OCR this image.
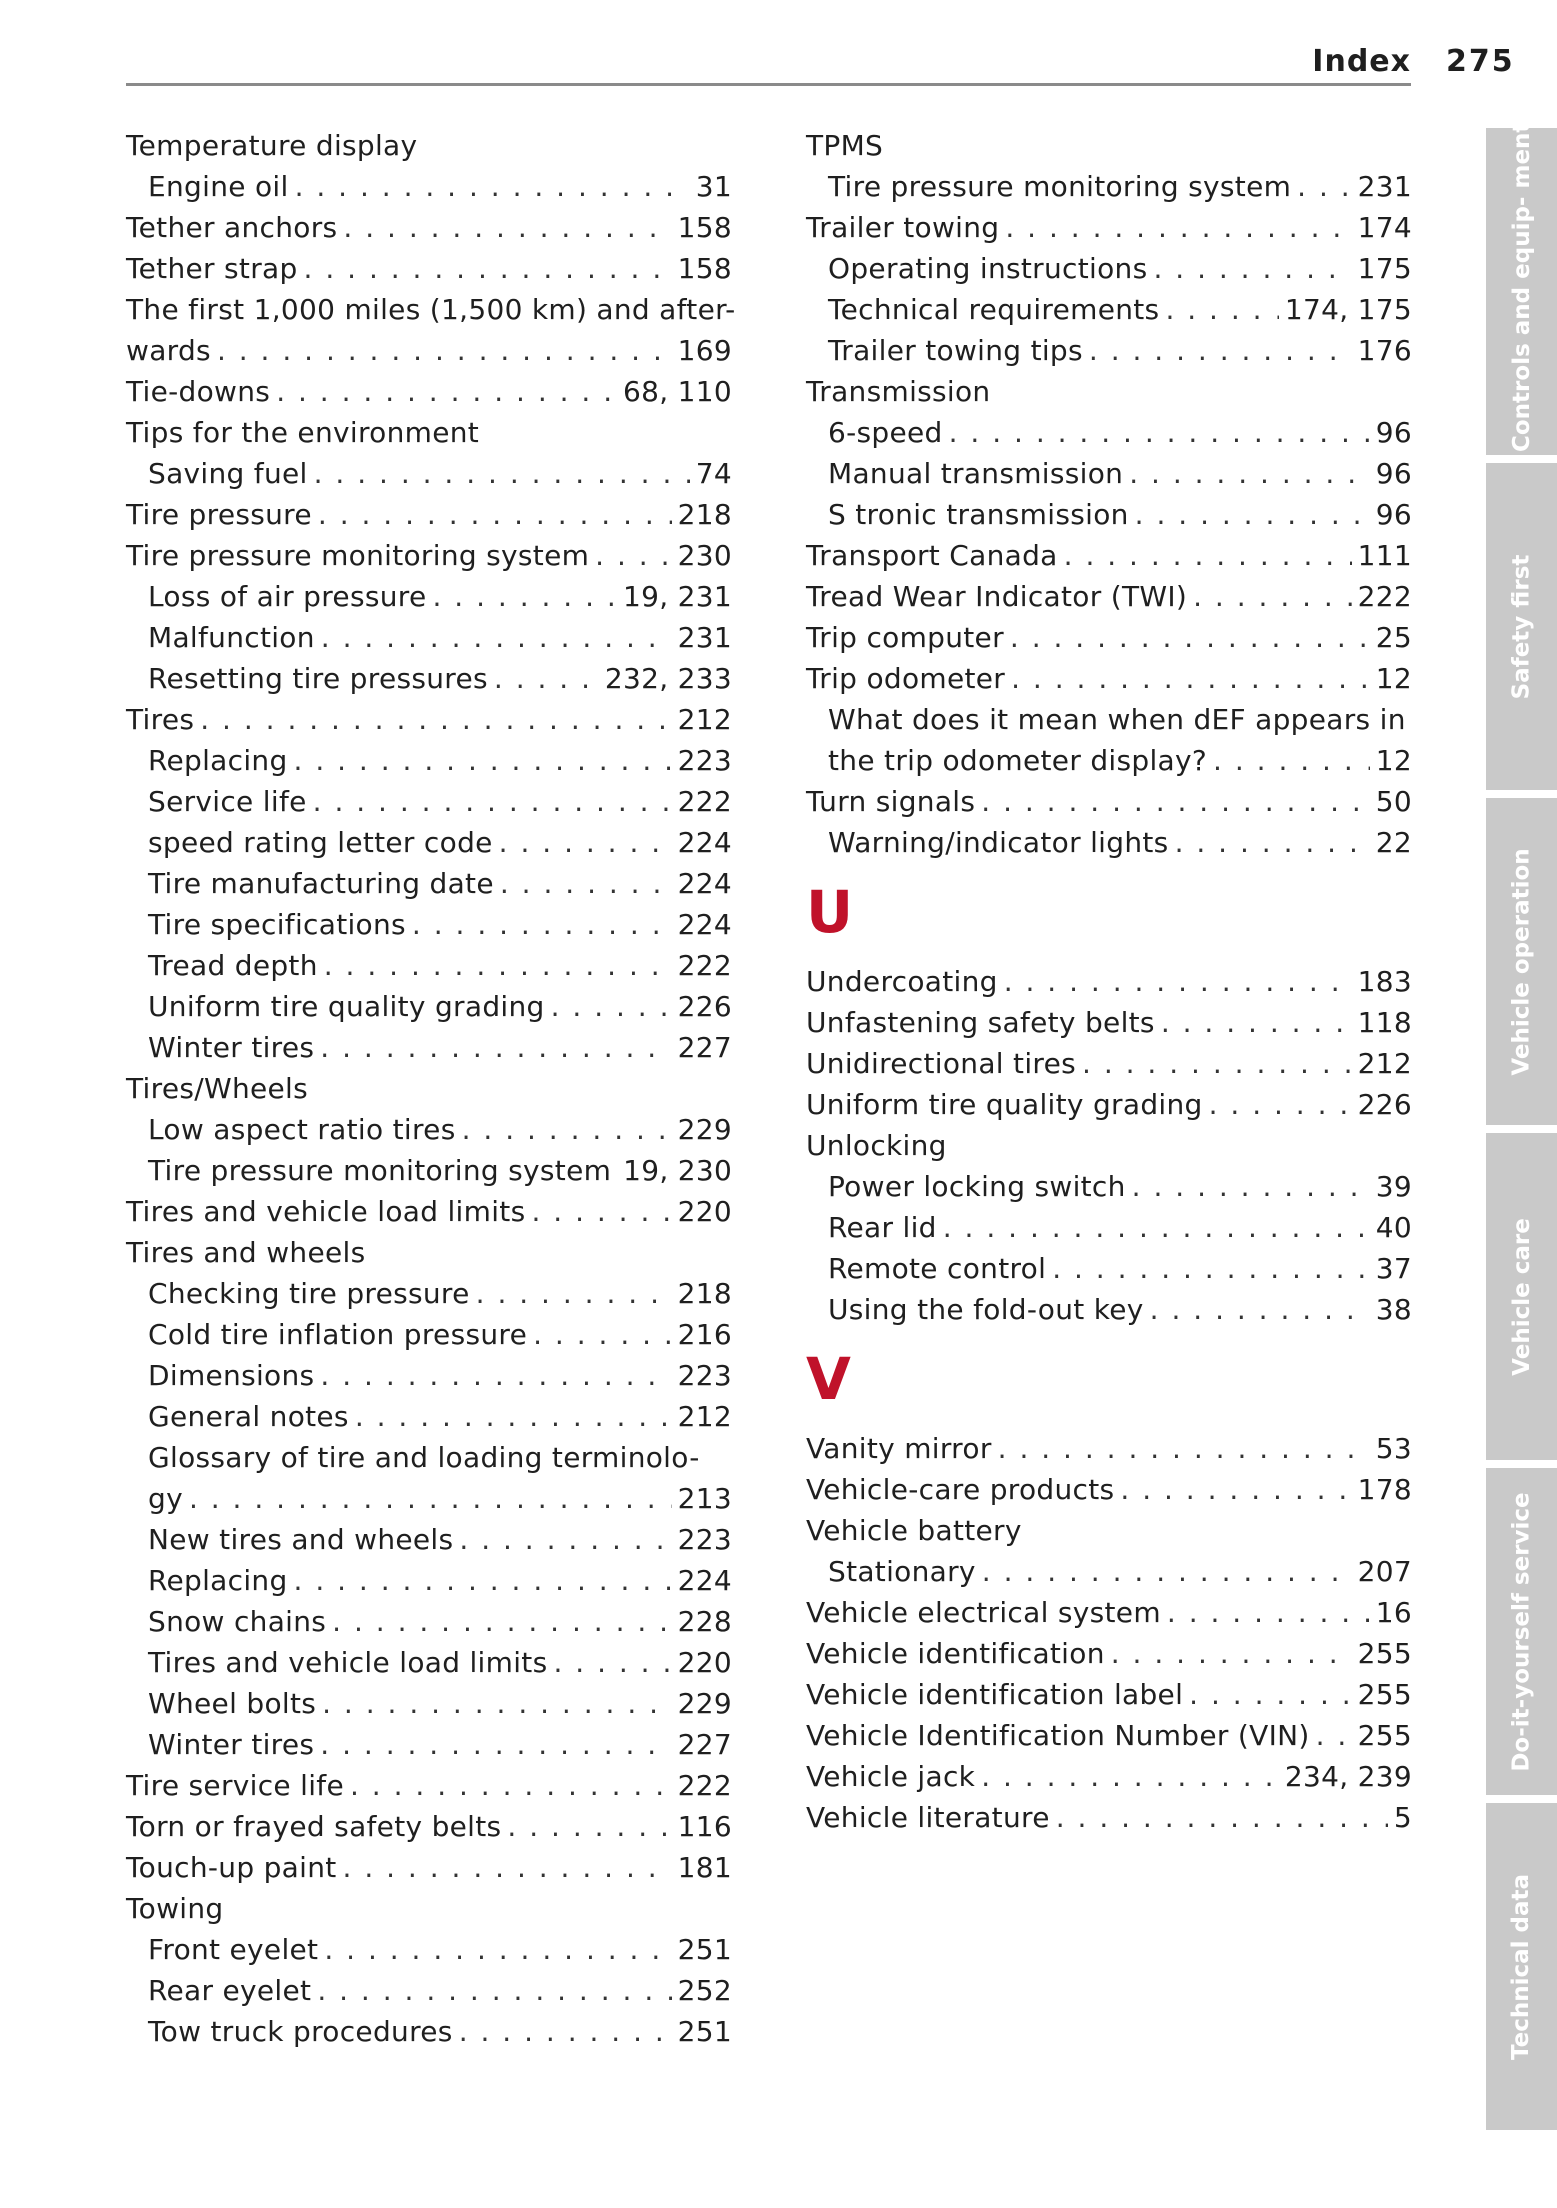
Index 275
Temperature display
Engine oil . . .	31
Tether anchors . . .	158
Tether strap . . .	158
The first 1,000 miles (1,500 km) and after-
wards . . .	169
Tie-downs . . .	68, 110
Tips for the environment
Saving fuel . . .	74
Tire pressure . . .	218
Tire pressure monitoring system . . .	230
Loss of air pressure . . .	19, 231
Malfunction . . .	231
Resetting tire pressures . . .	232, 233
Tires . . .	212
Replacing . . .	223
Service life . . .	222
speed rating letter code . . .	224
Tire manufacturing date . . .	224
Tire specifications . . .	224
Tread depth . . .	222
Uniform tire quality grading . . .	226
Winter tires . . .	227
Tires/Wheels
Low aspect ratio tires . . .	229
Tire pressure monitoring system 19, 230
Tires and vehicle load limits . . .	220
Tires and wheels
Checking tire pressure . . .	218
Cold tire inflation pressure . . .	216
Dimensions . . .	223
General notes . . .	212
Glossary of tire and loading terminolo-
gy . . .	213
New tires and wheels . . .	223
Replacing . . .	224
Snow chains . . .	228
Tires and vehicle load limits . . .	220
Wheel bolts . . .	229
Winter tires . . .	227
Tire service life . . .	222
Torn or frayed safety belts . . .	116
Touch-up paint . . .	181
Towing
Front eyelet . . .	251
Rear eyelet . . .	252
Tow truck procedures . . .	251
TPMS
Tire pressure monitoring system . . . 231
Trailer towing . . .	174
Operating instructions . . .	175
Technical requirements . . .	174, 175
Trailer towing tips . . .	176
Transmission
6-speed . . .	96
Manual transmission . . .	96
S tronic transmission . . .	96
Transport Canada . . .	111
Tread Wear Indicator (TWI) . . .	222
Trip computer . . .	25
Trip odometer . . .	12
What does it mean when dEF appears in
the trip odometer display? . . .	12
Turn signals . . .	50
Warning/indicator lights . . .	22
U
Undercoating . . .	183
Unfastening safety belts . . .	118
Unidirectional tires . . .	212
Uniform tire quality grading . . .	226
Unlocking
Power locking switch . . .	39
Rear lid . . .	40
Remote control . . .	37
Using the fold-out key . . .	38
V
Vanity mirror . . .	53
Vehicle-care products . . .	178
Vehicle battery
Stationary . . .	207
Vehicle electrical system . . .	16
Vehicle identification . . .	255
Vehicle identification label . . .	255
Vehicle Identification Number (VIN) . . . 255
Vehicle jack . . .	234, 239
Vehicle literature . . .	5
Controls and equip- ment
Safety first
Vehicle operation
Vehicle care
Do-it-yourself service
Technical data
